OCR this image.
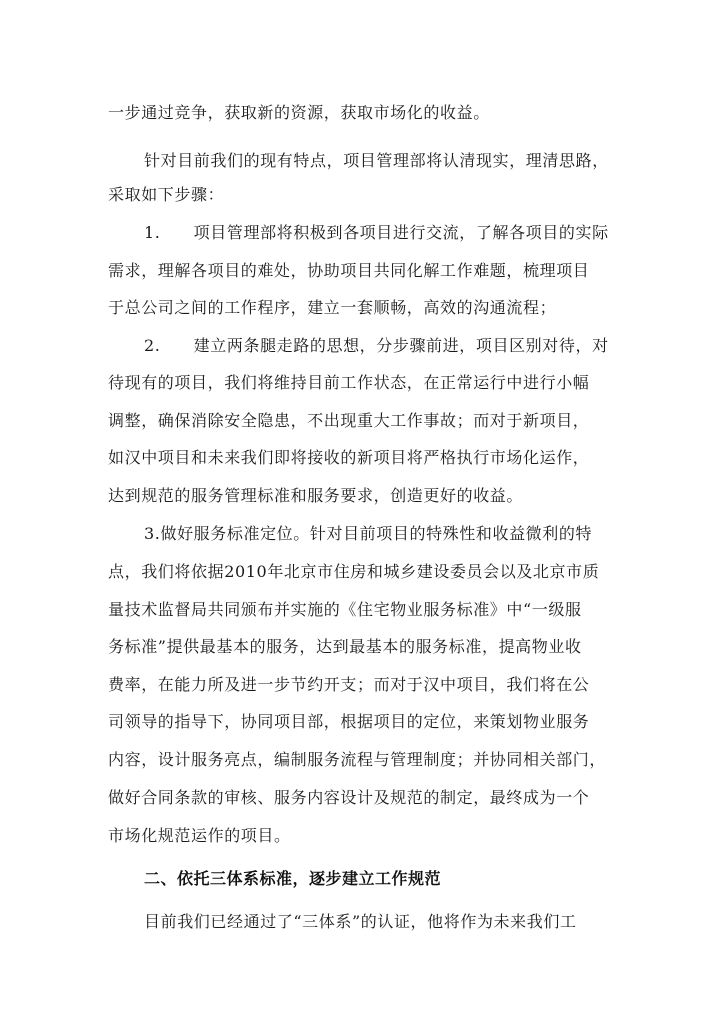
一步通过竞争，获取新的资源，获取市场化的收益。
针对目前我们的现有特点，项目管理部将认清现实，理清思路，
采取如下步骤：
1.　　项目管理部将积极到各项目进行交流，了解各项目的实际
需求，理解各项目的难处，协助项目共同化解工作难题，梳理项目
于总公司之间的工作程序，建立一套顺畅，高效的沟通流程；
2.　　建立两条腿走路的思想，分步骤前进，项目区别对待，对
待现有的项目，我们将维持目前工作状态，在正常运行中进行小幅
调整，确保消除安全隐患，不出现重大工作事故；而对于新项目，
如汉中项目和未来我们即将接收的新项目将严格执行市场化运作，
达到规范的服务管理标准和服务要求，创造更好的收益。
3.做好服务标准定位。针对目前项目的特殊性和收益微利的特
点，我们将依据2010年北京市住房和城乡建设委员会以及北京市质
量技术监督局共同颁布并实施的《住宅物业服务标准》中“一级服
务标准”提供最基本的服务，达到最基本的服务标准，提高物业收
费率，在能力所及进一步节约开支；而对于汉中项目，我们将在公
司领导的指导下，协同项目部，根据项目的定位，来策划物业服务
内容，设计服务亮点，编制服务流程与管理制度；并协同相关部门，
做好合同条款的审核、服务内容设计及规范的制定，最终成为一个
市场化规范运作的项目。
二、依托三体系标准，逐步建立工作规范
目前我们已经通过了“三体系”的认证，他将作为未来我们工
